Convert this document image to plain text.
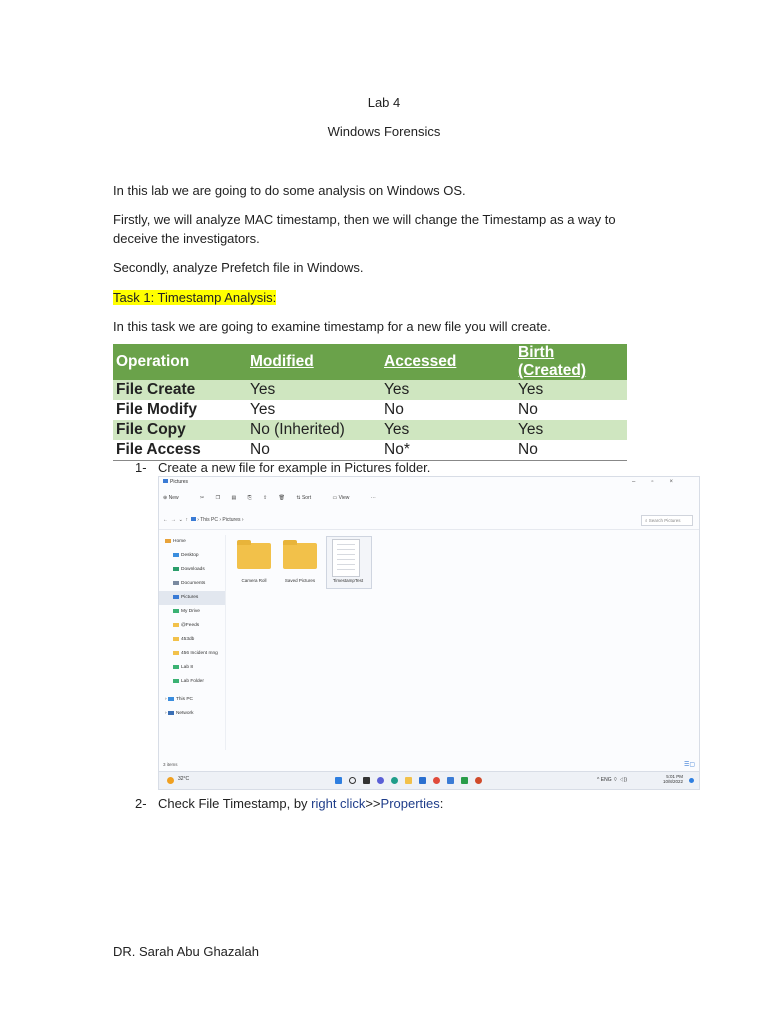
Lab 4
Windows Forensics
In this lab we are going to do some analysis on Windows OS.
Firstly, we will analyze MAC timestamp, then we will change the Timestamp as a way to deceive the investigators.
Secondly, analyze Prefetch file in Windows.
Task 1: Timestamp Analysis:
In this task we are going to examine timestamp for a new file you will create.
Operation	Modified	Accessed	Birth (Created)
File Create	Yes	Yes	Yes
File Modify	Yes	No	No
File Copy	No (Inherited)	Yes	Yes
File Access	No	No*	No
1- Create a new file for example in Pictures folder.
Pictures	–▫×
⊕ New	✂ ❐ ▤ ⎘ ⇪ 🗑 ⇅ Sort	▭ View	···
← → ⌄ ↑   › This PC › Pictures ›	⌕ Search Pictures
Home
Desktop
Downloads
Documents
Pictures
My Drive
@Feeds
453db
456 Incident mng
Lab 8
Lab Folder
› This PC
› Network
Camera Roll	Saved Pictures	TimestampTest
3 items	☰▢
32°C	^ ENG ⌔ ◁))
5:01 PM
10/8/2022
2- Check File Timestamp, by right click>>Properties:
DR. Sarah Abu Ghazalah
